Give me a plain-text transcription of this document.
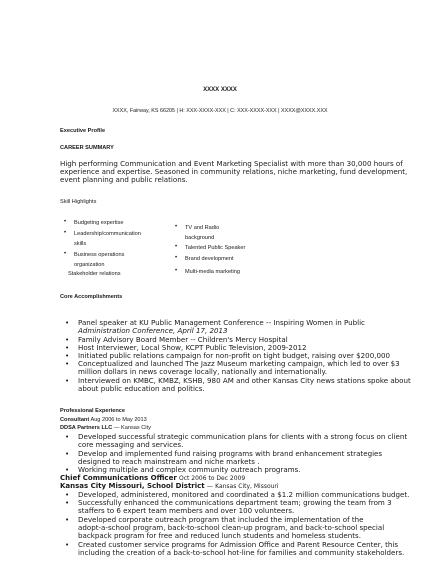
XXXX XXXX
XXXX, Fairway, KS 66205 | H: XXX-XXXX-XXX | C: XXX-XXXX-XXX | XXXX@XXXX.XXX
Executive Profile
CAREER SUMMARY
High performing Communication and Event Marketing Specialist with more than 30,000 hours of
experience and expertise. Seasoned in community relations, niche marketing, fund development,
event planning and public relations.
Skill Highlights
• Budgeting expertise
• Leadership/communication
skills
• Business operations
organization
Stakeholder relations
• TV and Radio
background
• Talented Public Speaker
• Brand development
• Multi-media marketing
Core Accomplishments
• Panel speaker at KU Public Management Conference -- Inspiring Women in Public
Administration Conference, April 17, 2013
• Family Advisory Board Member -- Children's Mercy Hospital
• Host Interviewer, Local Show, KCPT Public Television, 2009-2012
• Initiated public relations campaign for non-profit on tight budget, raising over $200,000
• Conceptualized and launched The Jazz Museum marketing campaign, which led to over $3
million dollars in news coverage locally, nationally and internationally.
• Interviewed on KMBC, KMBZ, KSHB, 980 AM and other Kansas City news stations spoke about
about public education and politics.
Professional Experience
Consultant Aug 2006 to May 2013
DDSA Partners LLC — Kansas City
• Developed successful strategic communication plans for clients with a strong focus on client
core messaging and services.
• Develop and implemented fund raising programs with brand enhancement strategies
designed to reach mainstream and niche markets .
• Working multiple and complex community outreach programs.
Chief Communications Officer Oct 2006 to Dec 2009
Kansas City Missouri, School District — Kansas City, Missouri
• Developed, administered, monitored and coordinated a $1.2 million communications budget.
• Successfully enhanced the communications department team; growing the team from 3
staffers to 6 expert team members and over 100 volunteers.
• Developed corporate outreach program that included the implementation of the
adopt-a-school program, back-to-school clean-up program, and back-to-school special
backpack program for free and reduced lunch students and homeless students.
• Created customer service programs for Admission Office and Parent Resource Center, this
including the creation of a back-to-school hot-line for families and community stakeholders.
